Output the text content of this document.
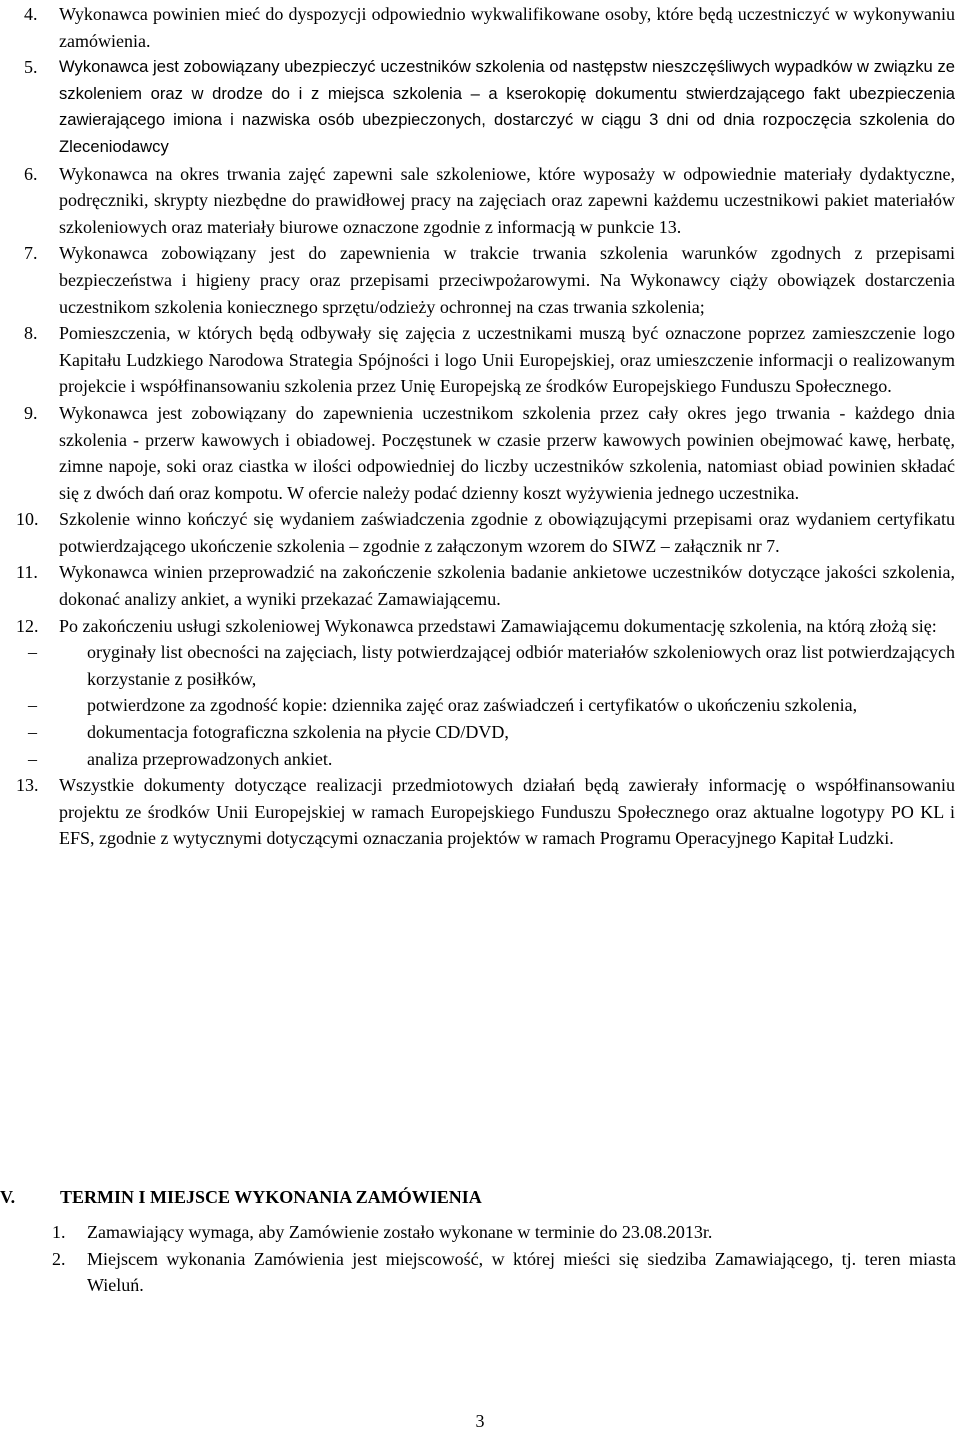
4.	Wykonawca powinien mieć do dyspozycji odpowiednio wykwalifikowane osoby, które będą uczestniczyć w wykonywaniu zamówienia.
5.	Wykonawca jest zobowiązany ubezpieczyć uczestników szkolenia od następstw nieszczęśliwych wypadków w związku ze szkoleniem oraz w drodze do i z miejsca szkolenia – a kserokopię dokumentu stwierdzającego fakt ubezpieczenia zawierającego imiona i nazwiska osób ubezpieczonych, dostarczyć w ciągu 3 dni od dnia rozpoczęcia szkolenia do Zleceniodawcy
6.	Wykonawca na okres trwania zajęć zapewni sale szkoleniowe, które wyposaży w odpowiednie materiały dydaktyczne, podręczniki, skrypty niezbędne do prawidłowej pracy na zajęciach oraz zapewni każdemu uczestnikowi pakiet materiałów szkoleniowych oraz materiały biurowe oznaczone zgodnie z informacją w punkcie 13.
7.	Wykonawca zobowiązany jest do zapewnienia w trakcie trwania szkolenia warunków zgodnych z przepisami bezpieczeństwa i higieny pracy oraz przepisami przeciwpożarowymi. Na Wykonawcy ciąży obowiązek dostarczenia uczestnikom szkolenia koniecznego sprzętu/odzieży ochronnej na czas trwania szkolenia;
8.	Pomieszczenia, w których będą odbywały się zajęcia z uczestnikami muszą być oznaczone poprzez zamieszczenie logo Kapitału Ludzkiego Narodowa Strategia Spójności i logo Unii Europejskiej, oraz umieszczenie informacji o realizowanym projekcie i współfinansowaniu szkolenia przez Unię Europejską ze środków Europejskiego Funduszu Społecznego.
9.	Wykonawca jest zobowiązany do zapewnienia uczestnikom szkolenia przez cały okres jego trwania - każdego dnia szkolenia - przerw kawowych i obiadowej. Poczęstunek w czasie przerw kawowych powinien obejmować kawę, herbatę, zimne napoje, soki oraz ciastka w ilości odpowiedniej do liczby uczestników szkolenia, natomiast obiad powinien składać się z dwóch dań oraz kompotu. W ofercie należy podać dzienny koszt wyżywienia jednego uczestnika.
10.	Szkolenie winno kończyć się wydaniem zaświadczenia zgodnie z obowiązującymi przepisami oraz wydaniem certyfikatu potwierdzającego ukończenie szkolenia – zgodnie z załączonym wzorem do SIWZ – załącznik nr 7.
11.	Wykonawca winien przeprowadzić na zakończenie szkolenia badanie ankietowe uczestników dotyczące jakości szkolenia, dokonać analizy ankiet, a wyniki przekazać Zamawiającemu.
12.	Po zakończeniu usługi szkoleniowej Wykonawca przedstawi Zamawiającemu dokumentację szkolenia, na którą złożą się:
–	oryginały list obecności na zajęciach, listy potwierdzającej odbiór materiałów szkoleniowych oraz list potwierdzających korzystanie z posiłków,
–	potwierdzone za zgodność kopie: dziennika zajęć oraz zaświadczeń i certyfikatów o ukończeniu szkolenia,
–	dokumentacja fotograficzna szkolenia na płycie CD/DVD,
–	analiza przeprowadzonych ankiet.
13.	Wszystkie dokumenty dotyczące realizacji przedmiotowych działań będą zawierały informację o współfinansowaniu projektu ze środków Unii Europejskiej w ramach Europejskiego Funduszu Społecznego oraz aktualne logotypy PO KL i EFS, zgodnie z wytycznymi dotyczącymi oznaczania projektów w ramach Programu Operacyjnego Kapitał Ludzki.
V.	TERMIN I MIEJSCE WYKONANIA ZAMÓWIENIA
1.	Zamawiający wymaga, aby Zamówienie zostało wykonane w terminie do 23.08.2013r.
2.	Miejscem wykonania Zamówienia jest miejscowość, w której mieści się siedziba Zamawiającego, tj. teren miasta Wieluń.
3
